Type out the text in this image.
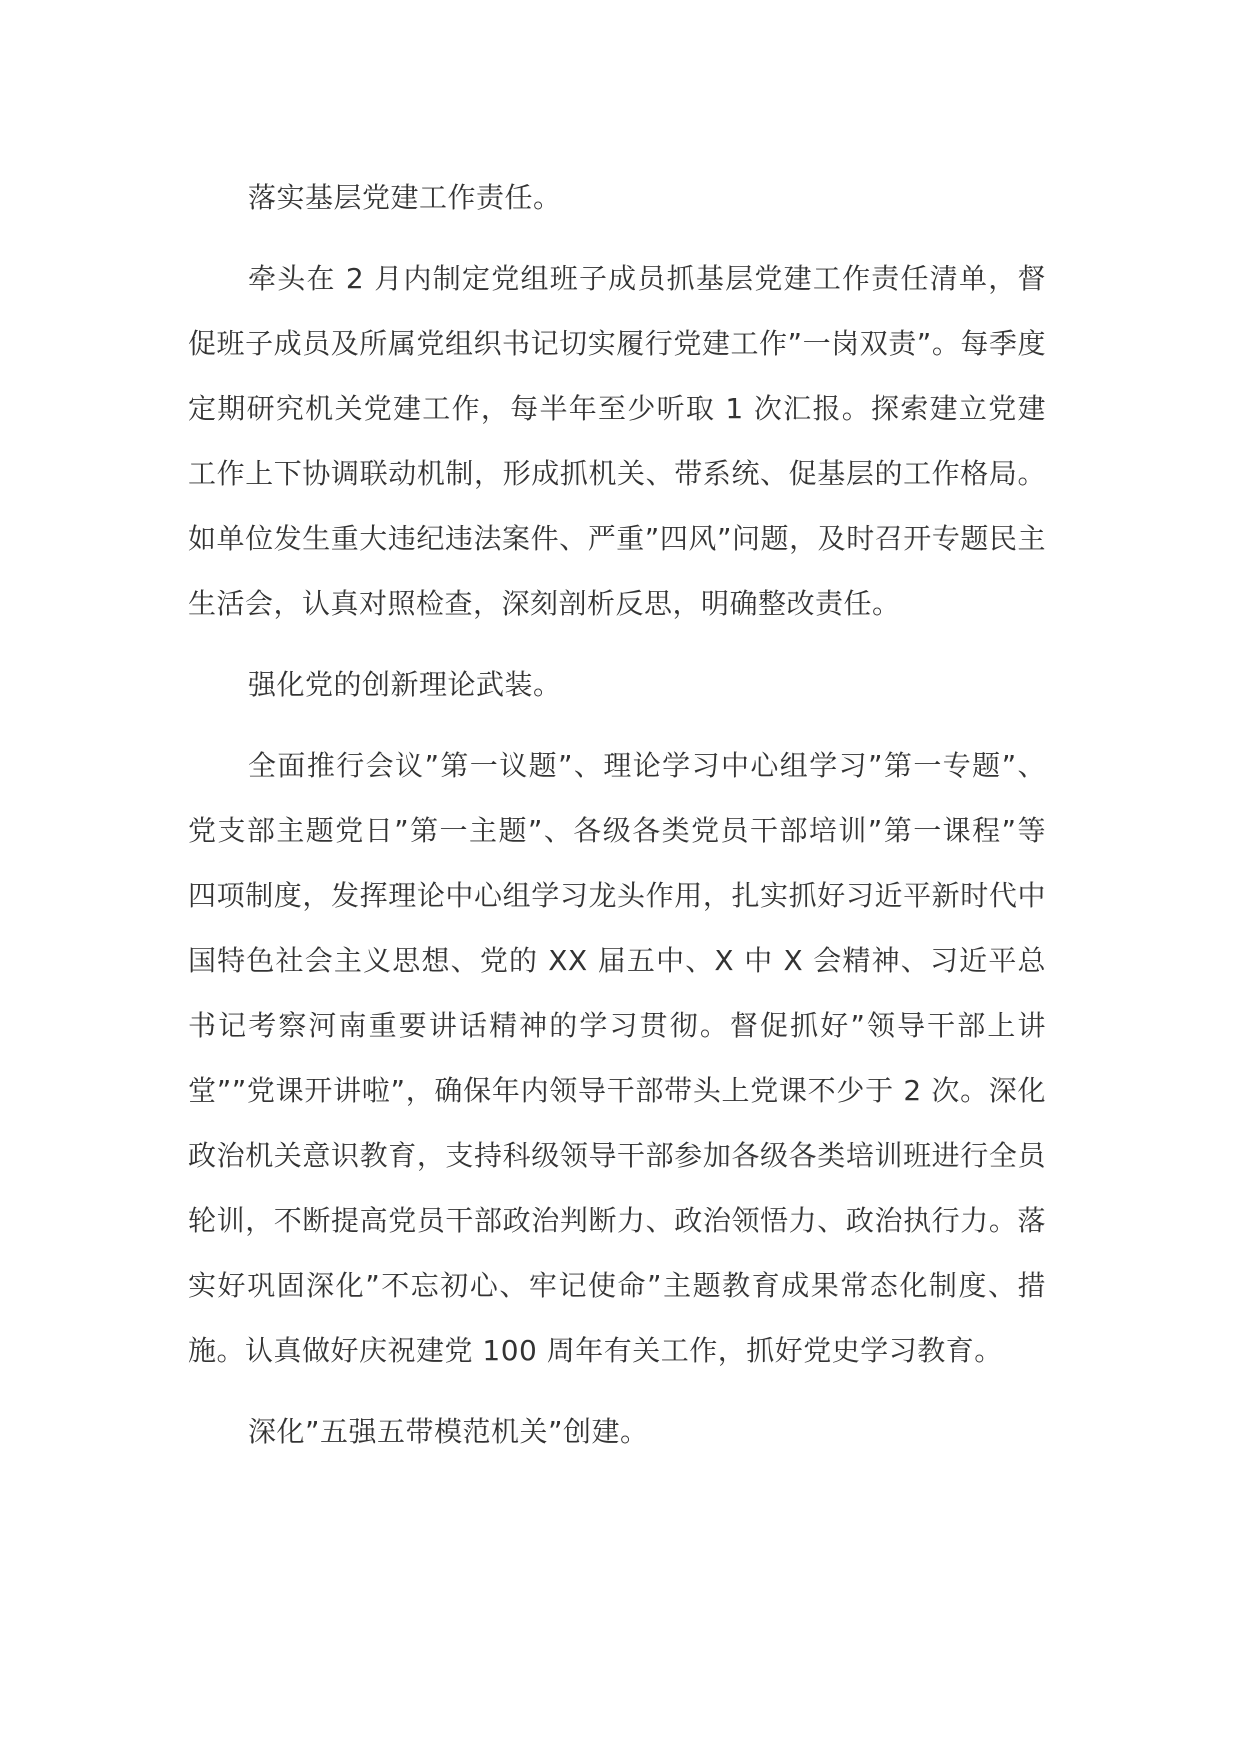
落实基层党建工作责任。

牵头在 2 月内制定党组班子成员抓基层党建工作责任清单，督促班子成员及所属党组织书记切实履行党建工作”一岗双责”。每季度定期研究机关党建工作，每半年至少听取 1 次汇报。探索建立党建工作上下协调联动机制，形成抓机关、带系统、促基层的工作格局。如单位发生重大违纪违法案件、严重”四风”问题，及时召开专题民主生活会，认真对照检查，深刻剖析反思，明确整改责任。

强化党的创新理论武装。

全面推行会议”第一议题”、理论学习中心组学习”第一专题”、党支部主题党日”第一主题”、各级各类党员干部培训”第一课程”等四项制度，发挥理论中心组学习龙头作用，扎实抓好习近平新时代中国特色社会主义思想、党的 XX 届五中、X 中 X 会精神、习近平总书记考察河南重要讲话精神的学习贯彻。督促抓好”领导干部上讲堂””党课开讲啦”，确保年内领导干部带头上党课不少于 2 次。深化政治机关意识教育，支持科级领导干部参加各级各类培训班进行全员轮训，不断提高党员干部政治判断力、政治领悟力、政治执行力。落实好巩固深化”不忘初心、牢记使命”主题教育成果常态化制度、措施。认真做好庆祝建党 100 周年有关工作，抓好党史学习教育。

深化”五强五带模范机关”创建。
